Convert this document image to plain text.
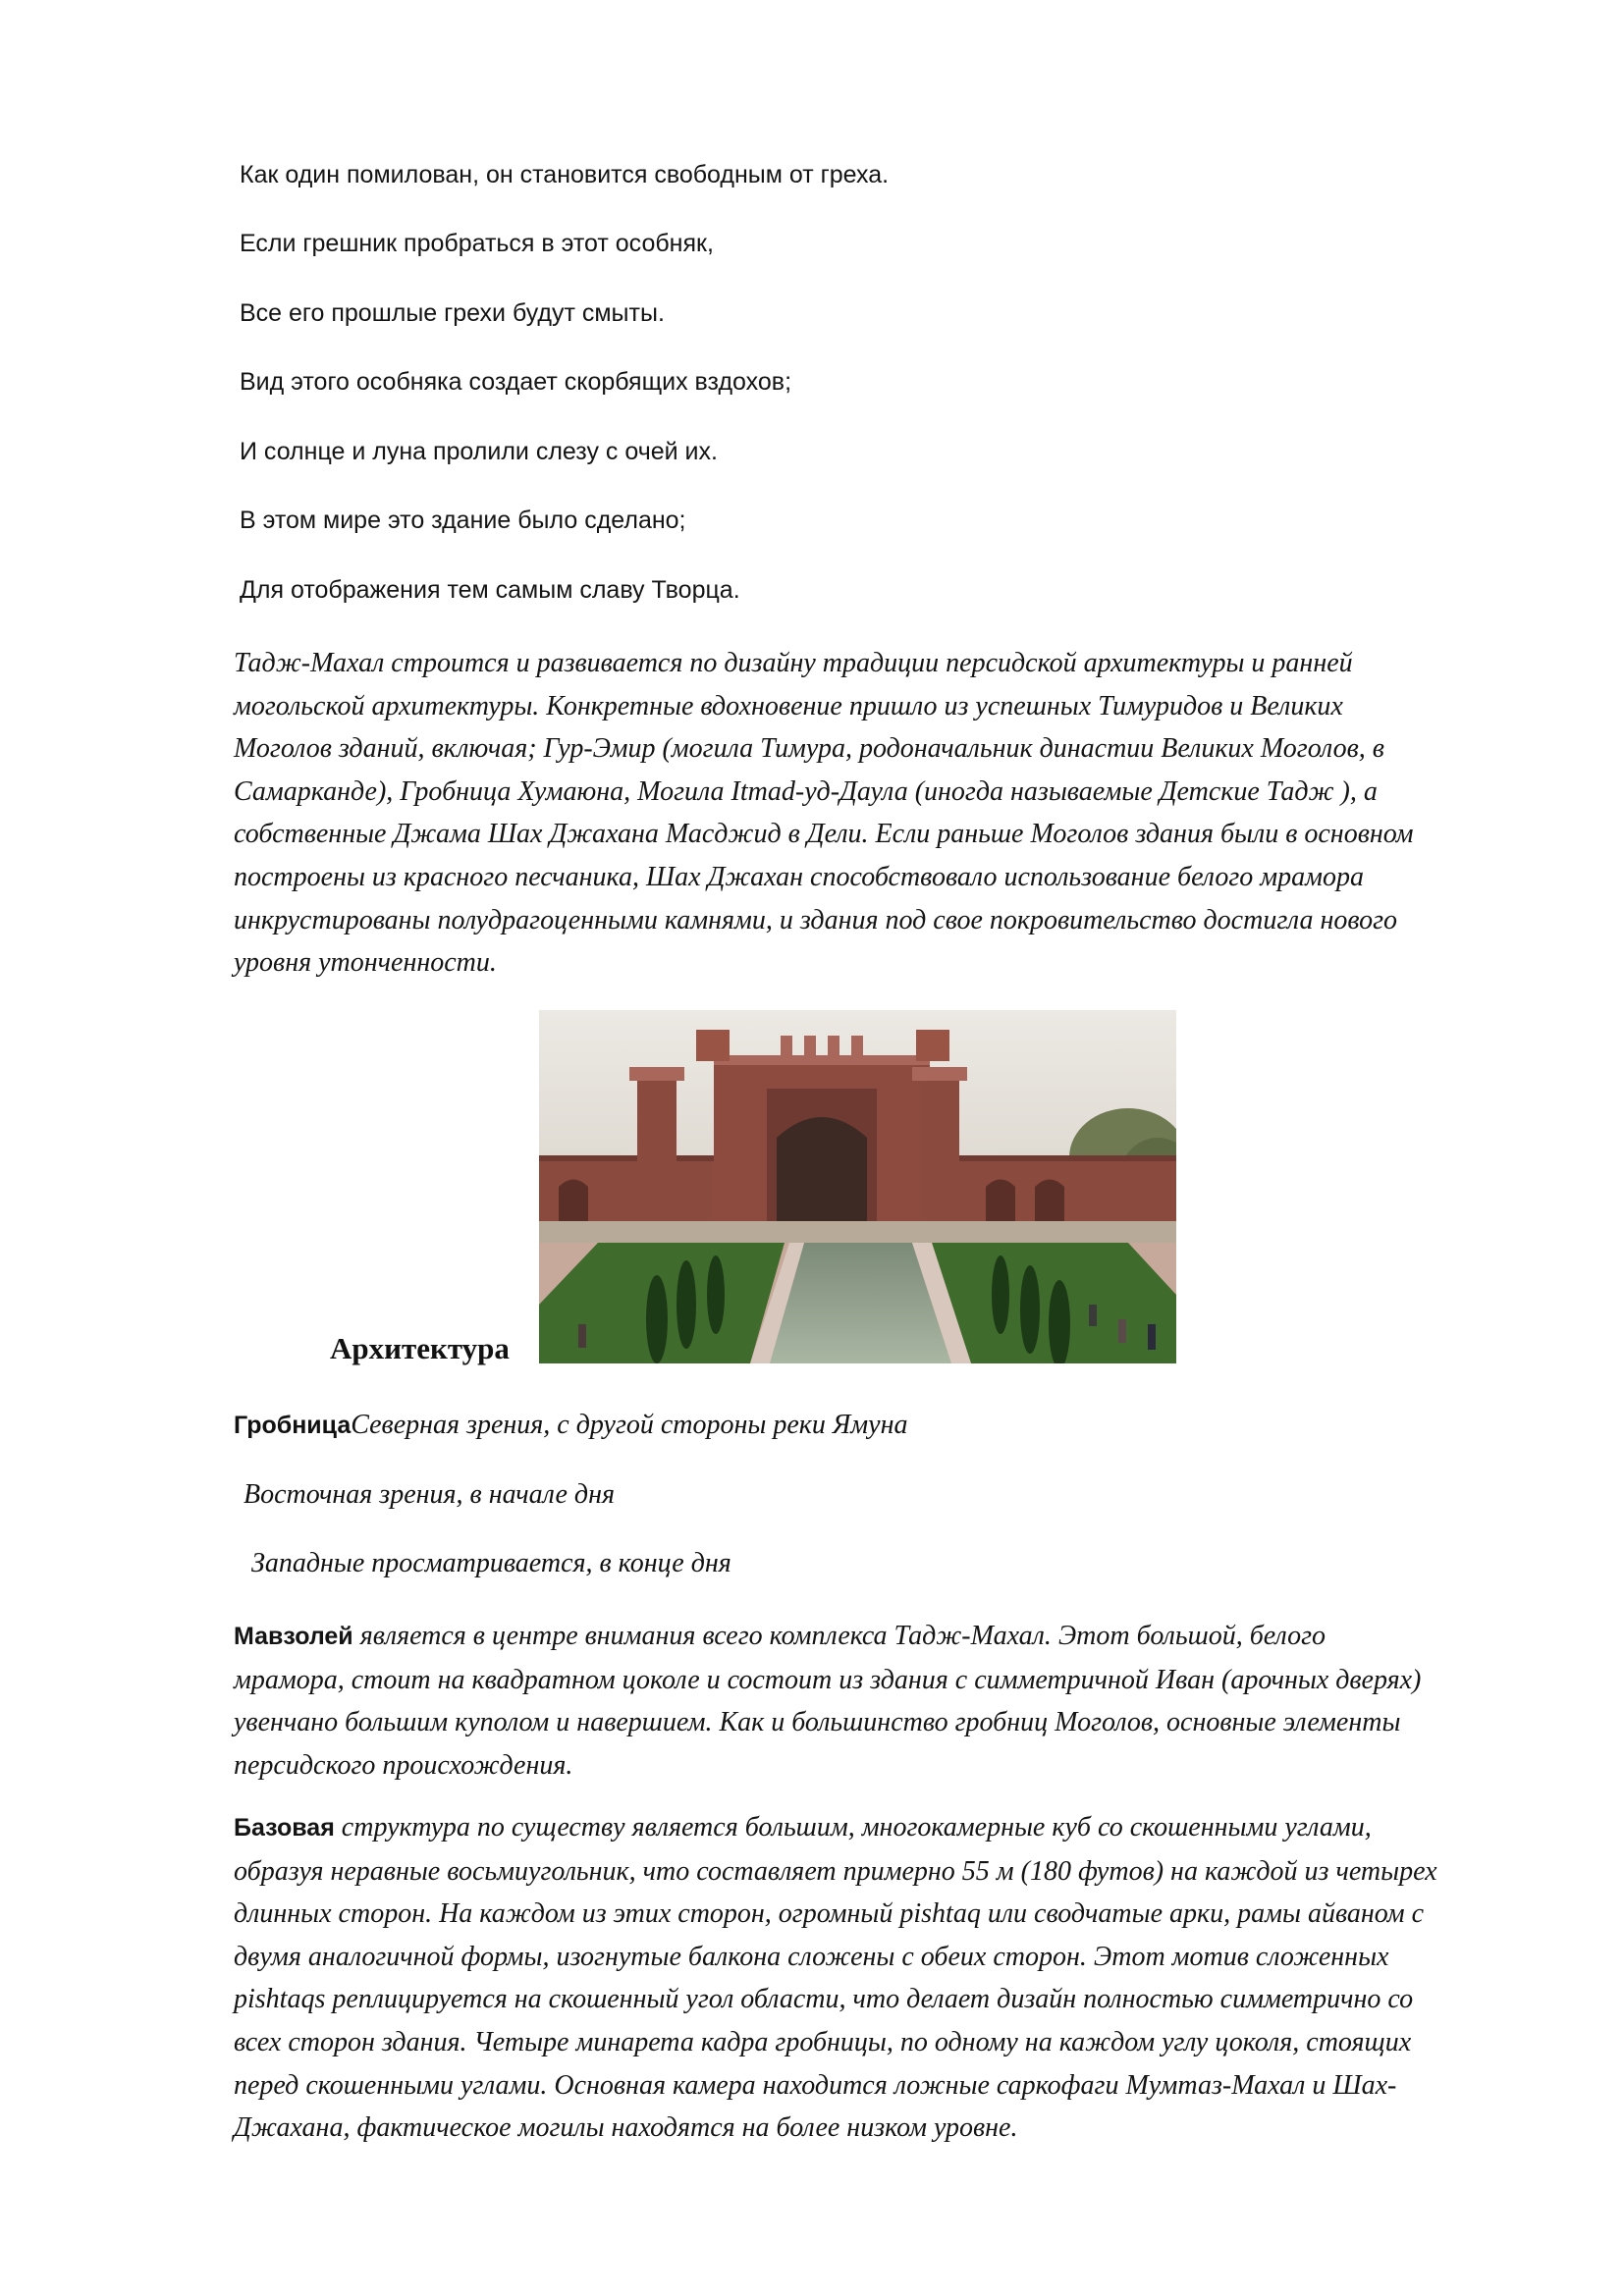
Как один помилован, он становится свободным от греха.
Если грешник пробраться в этот особняк,
Все его прошлые грехи будут смыты.
Вид этого особняка создает скорбящих вздохов;
И солнце и луна пролили слезу с очей их.
В этом мире это здание было сделано;
Для отображения тем самым славу Творца.
Тадж-Махал строится и развивается по дизайну традиции персидской архитектуры и ранней
могольской архитектуры. Конкретные вдохновение пришло из успешных Тимуридов и Великих
Моголов зданий, включая; Гур-Эмир (могила Тимура, родоначальник династии Великих Моголов, в
Самарканде), Гробница Хумаюна, Могила Itmad-уд-Даула (иногда называемые Детские Тадж ), а
собственные Джама Шах Джахана Масджид в Дели. Если раньше Моголов здания были в основном
построены из красного песчаника, Шах Джахан способствовало использование белого мрамора
инкрустированы полудрагоценными камнями, и здания под свое покровительство достигла нового
уровня утонченности.
Архитектура
ГробницаСеверная зрения, с другой стороны реки Ямуна
Восточная зрения, в начале дня
Западные просматривается, в конце дня
Мавзолей является в центре внимания всего комплекса Тадж-Махал. Этот большой, белого
мрамора, стоит на квадратном цоколе и состоит из здания с симметричной Иван (арочных дверях)
увенчано большим куполом и навершием. Как и большинство гробниц Моголов, основные элементы
персидского происхождения.
Базовая структура по существу является большим, многокамерные куб со скошенными углами,
образуя неравные восьмиугольник, что составляет примерно 55 м (180 футов) на каждой из четырех
длинных сторон. На каждом из этих сторон, огромный pishtaq или сводчатые арки, рамы айваном с
двумя аналогичной формы, изогнутые балкона сложены с обеих сторон. Этот мотив сложенных
pishtaqs реплицируется на скошенный угол области, что делает дизайн полностью симметрично со
всех сторон здания. Четыре минарета кадра гробницы, по одному на каждом углу цоколя, стоящих
перед скошенными углами. Основная камера находится ложные саркофаги Мумтаз-Махал и Шах-
Джахана, фактическое могилы находятся на более низком уровне.
